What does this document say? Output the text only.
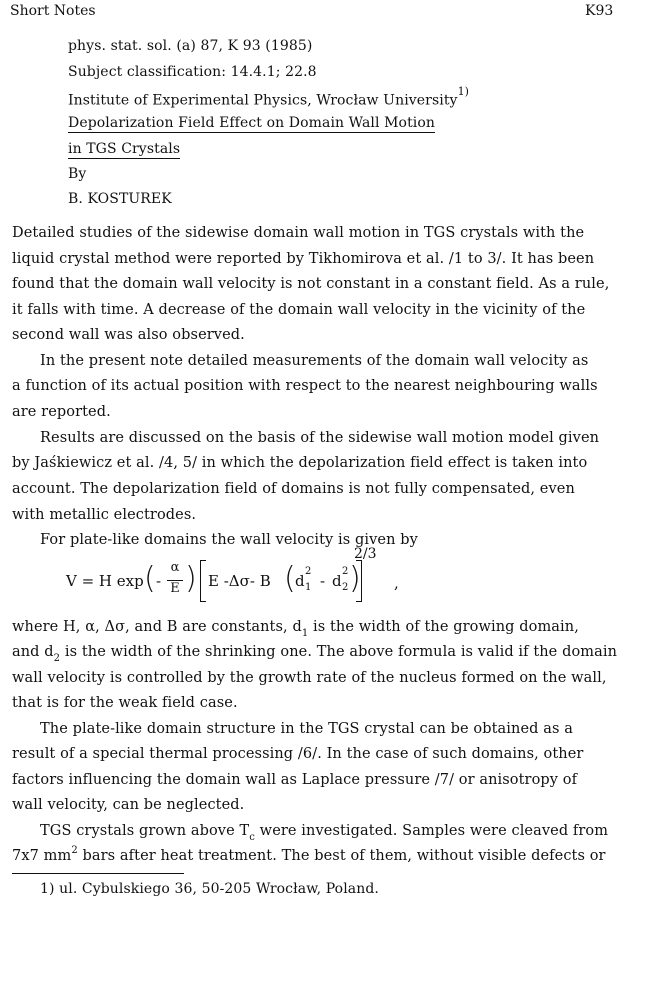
Short Notes	K93
phys. stat. sol. (a) 87, K 93 (1985)
Subject classification: 14.4.1; 22.8
Institute of Experimental Physics, Wrocław University$^{1)}$
Depolarization Field Effect on Domain Wall Motion
in TGS Crystals
By
B. KOSTUREK
Detailed studies of the sidewise domain wall motion in TGS crystals with the
liquid crystal method were reported by Tikhomirova et al. /1 to 3/. It has been
found that the domain wall velocity is not constant in a constant field. As a rule,
it falls with time. A decrease of the domain wall velocity in the vicinity of the
second wall was also observed.
In the present note detailed measurements of the domain wall velocity as
a function of its actual position with respect to the nearest neighbouring walls
are reported.
Results are discussed on the basis of the sidewise wall motion model given
by Jaśkiewicz et al. /4, 5/ in which the depolarization field effect is taken into
account. The depolarization field of domains is not fully compensated, even
with metallic electrodes.
For plate-like domains the wall velocity is given by
V = H exp ( -
α
E ) E -Δσ- B ( d
2
1 - d
2
2 )
2/3
,
where H, α, Δσ, and B are constants, $d_1$ is the width of the growing domain,
and $d_2$ is the width of the shrinking one. The above formula is valid if the domain
wall velocity is controlled by the growth rate of the nucleus formed on the wall,
that is for the weak field case.
The plate-like domain structure in the TGS crystal can be obtained as a
result of a special thermal processing /6/. In the case of such domains, other
factors influencing the domain wall as Laplace pressure /7/ or anisotropy of
wall velocity, can be neglected.
TGS crystals grown above $T_c$ were investigated. Samples were cleaved from
7x7 $mm^2$ bars after heat treatment. The best of them, without visible defects or
1) ul. Cybulskiego 36, 50-205 Wrocław, Poland.
